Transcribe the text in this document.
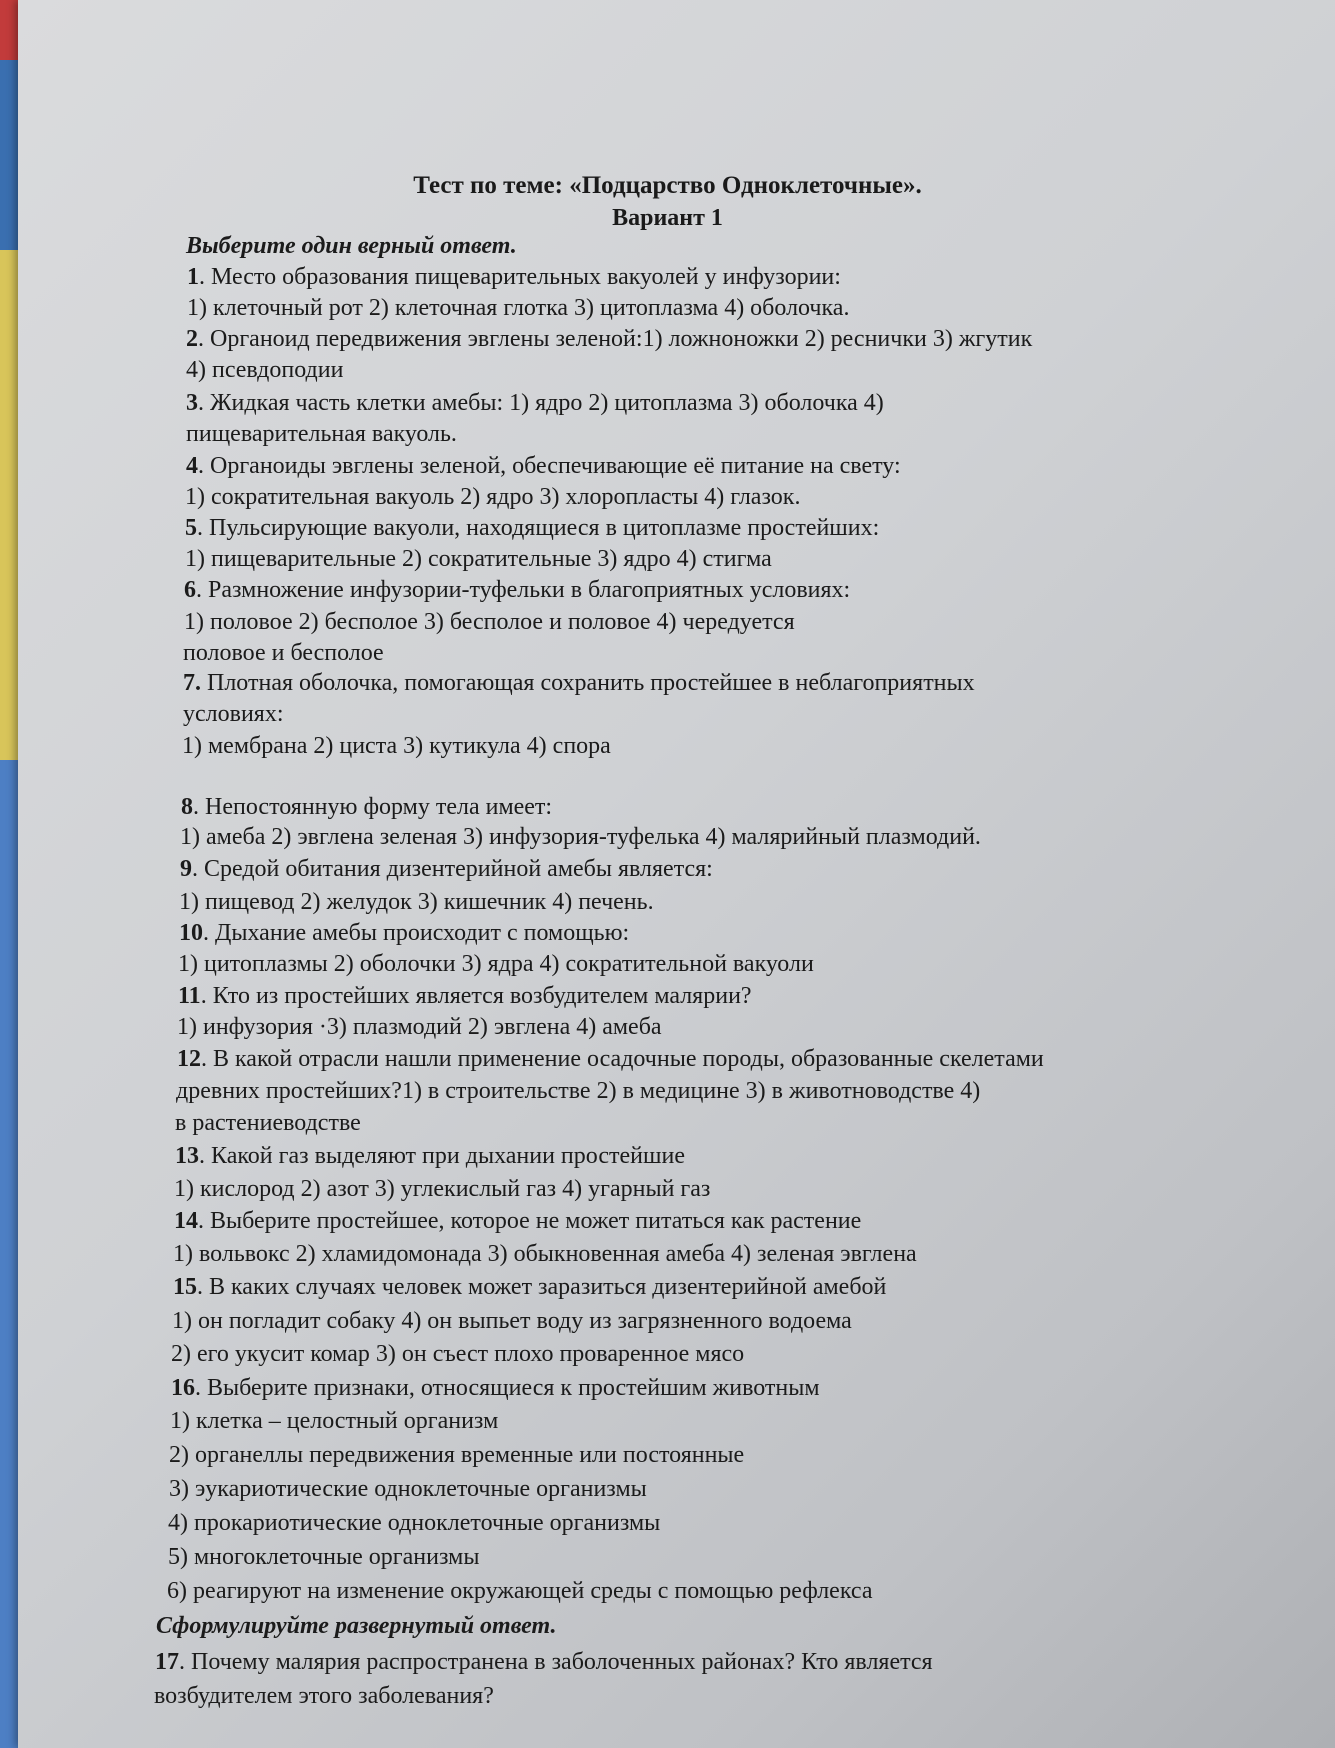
Тест по теме: «Подцарство Одноклеточные».
Вариант 1

Выберите один верный ответ.

1. Место образования пищеварительных вакуолей у инфузории:

1) клеточный рот 2) клеточная глотка 3) цитоплазма 4) оболочка.

2. Органоид передвижения эвглены зеленой:1) ложноножки 2) реснички 3) жгутик

4) псевдоподии

3. Жидкая часть клетки амебы: 1) ядро 2) цитоплазма 3) оболочка 4)

пищеварительная вакуоль.

4. Органоиды эвглены зеленой, обеспечивающие её питание на свету:

1) сократительная вакуоль 2) ядро 3) хлоропласты 4) глазок.

5. Пульсирующие вакуоли, находящиеся в цитоплазме простейших:

1) пищеварительные 2) сократительные 3) ядро 4) стигма

6. Размножение инфузории-туфельки в благоприятных условиях:

1) половое 2) бесполое 3) бесполое и половое 4) чередуется

половое и бесполое

7. Плотная оболочка, помогающая сохранить простейшее в неблагоприятных

условиях:

1) мембрана 2) циста 3) кутикула 4) спора

8. Непостоянную форму тела имеет:

1) амеба 2) эвглена зеленая 3) инфузория-туфелька 4) малярийный плазмодий.

9. Средой обитания дизентерийной амебы является:

1) пищевод 2) желудок 3) кишечник 4) печень.

10. Дыхание амебы происходит с помощью:

1) цитоплазмы 2) оболочки 3) ядра 4) сократительной вакуоли

11. Кто из простейших является возбудителем малярии?

1) инфузория ·3) плазмодий 2) эвглена 4) амеба

12. В какой отрасли нашли применение осадочные породы, образованные скелетами

древних простейших?1) в строительстве 2) в медицине 3) в животноводстве 4)

в растениеводстве

13. Какой газ выделяют при дыхании простейшие

1) кислород 2) азот 3) углекислый газ 4) угарный газ

14. Выберите простейшее, которое не может питаться как растение

1) вольвокс 2) хламидомонада 3) обыкновенная амеба 4) зеленая эвглена

15. В каких случаях человек может заразиться дизентерийной амебой

1) он погладит собаку 4) он выпьет воду из загрязненного водоема

2) его укусит комар 3) он съест плохо проваренное мясо

16. Выберите признаки, относящиеся к простейшим животным

1) клетка – целостный организм

2) органеллы передвижения временные или постоянные

3) эукариотические одноклеточные организмы

4) прокариотические одноклеточные организмы

5) многоклеточные организмы

6) реагируют на изменение окружающей среды с помощью рефлекса

Сформулируйте развернутый ответ.

17. Почему малярия распространена в заболоченных районах? Кто является

возбудителем этого заболевания?
